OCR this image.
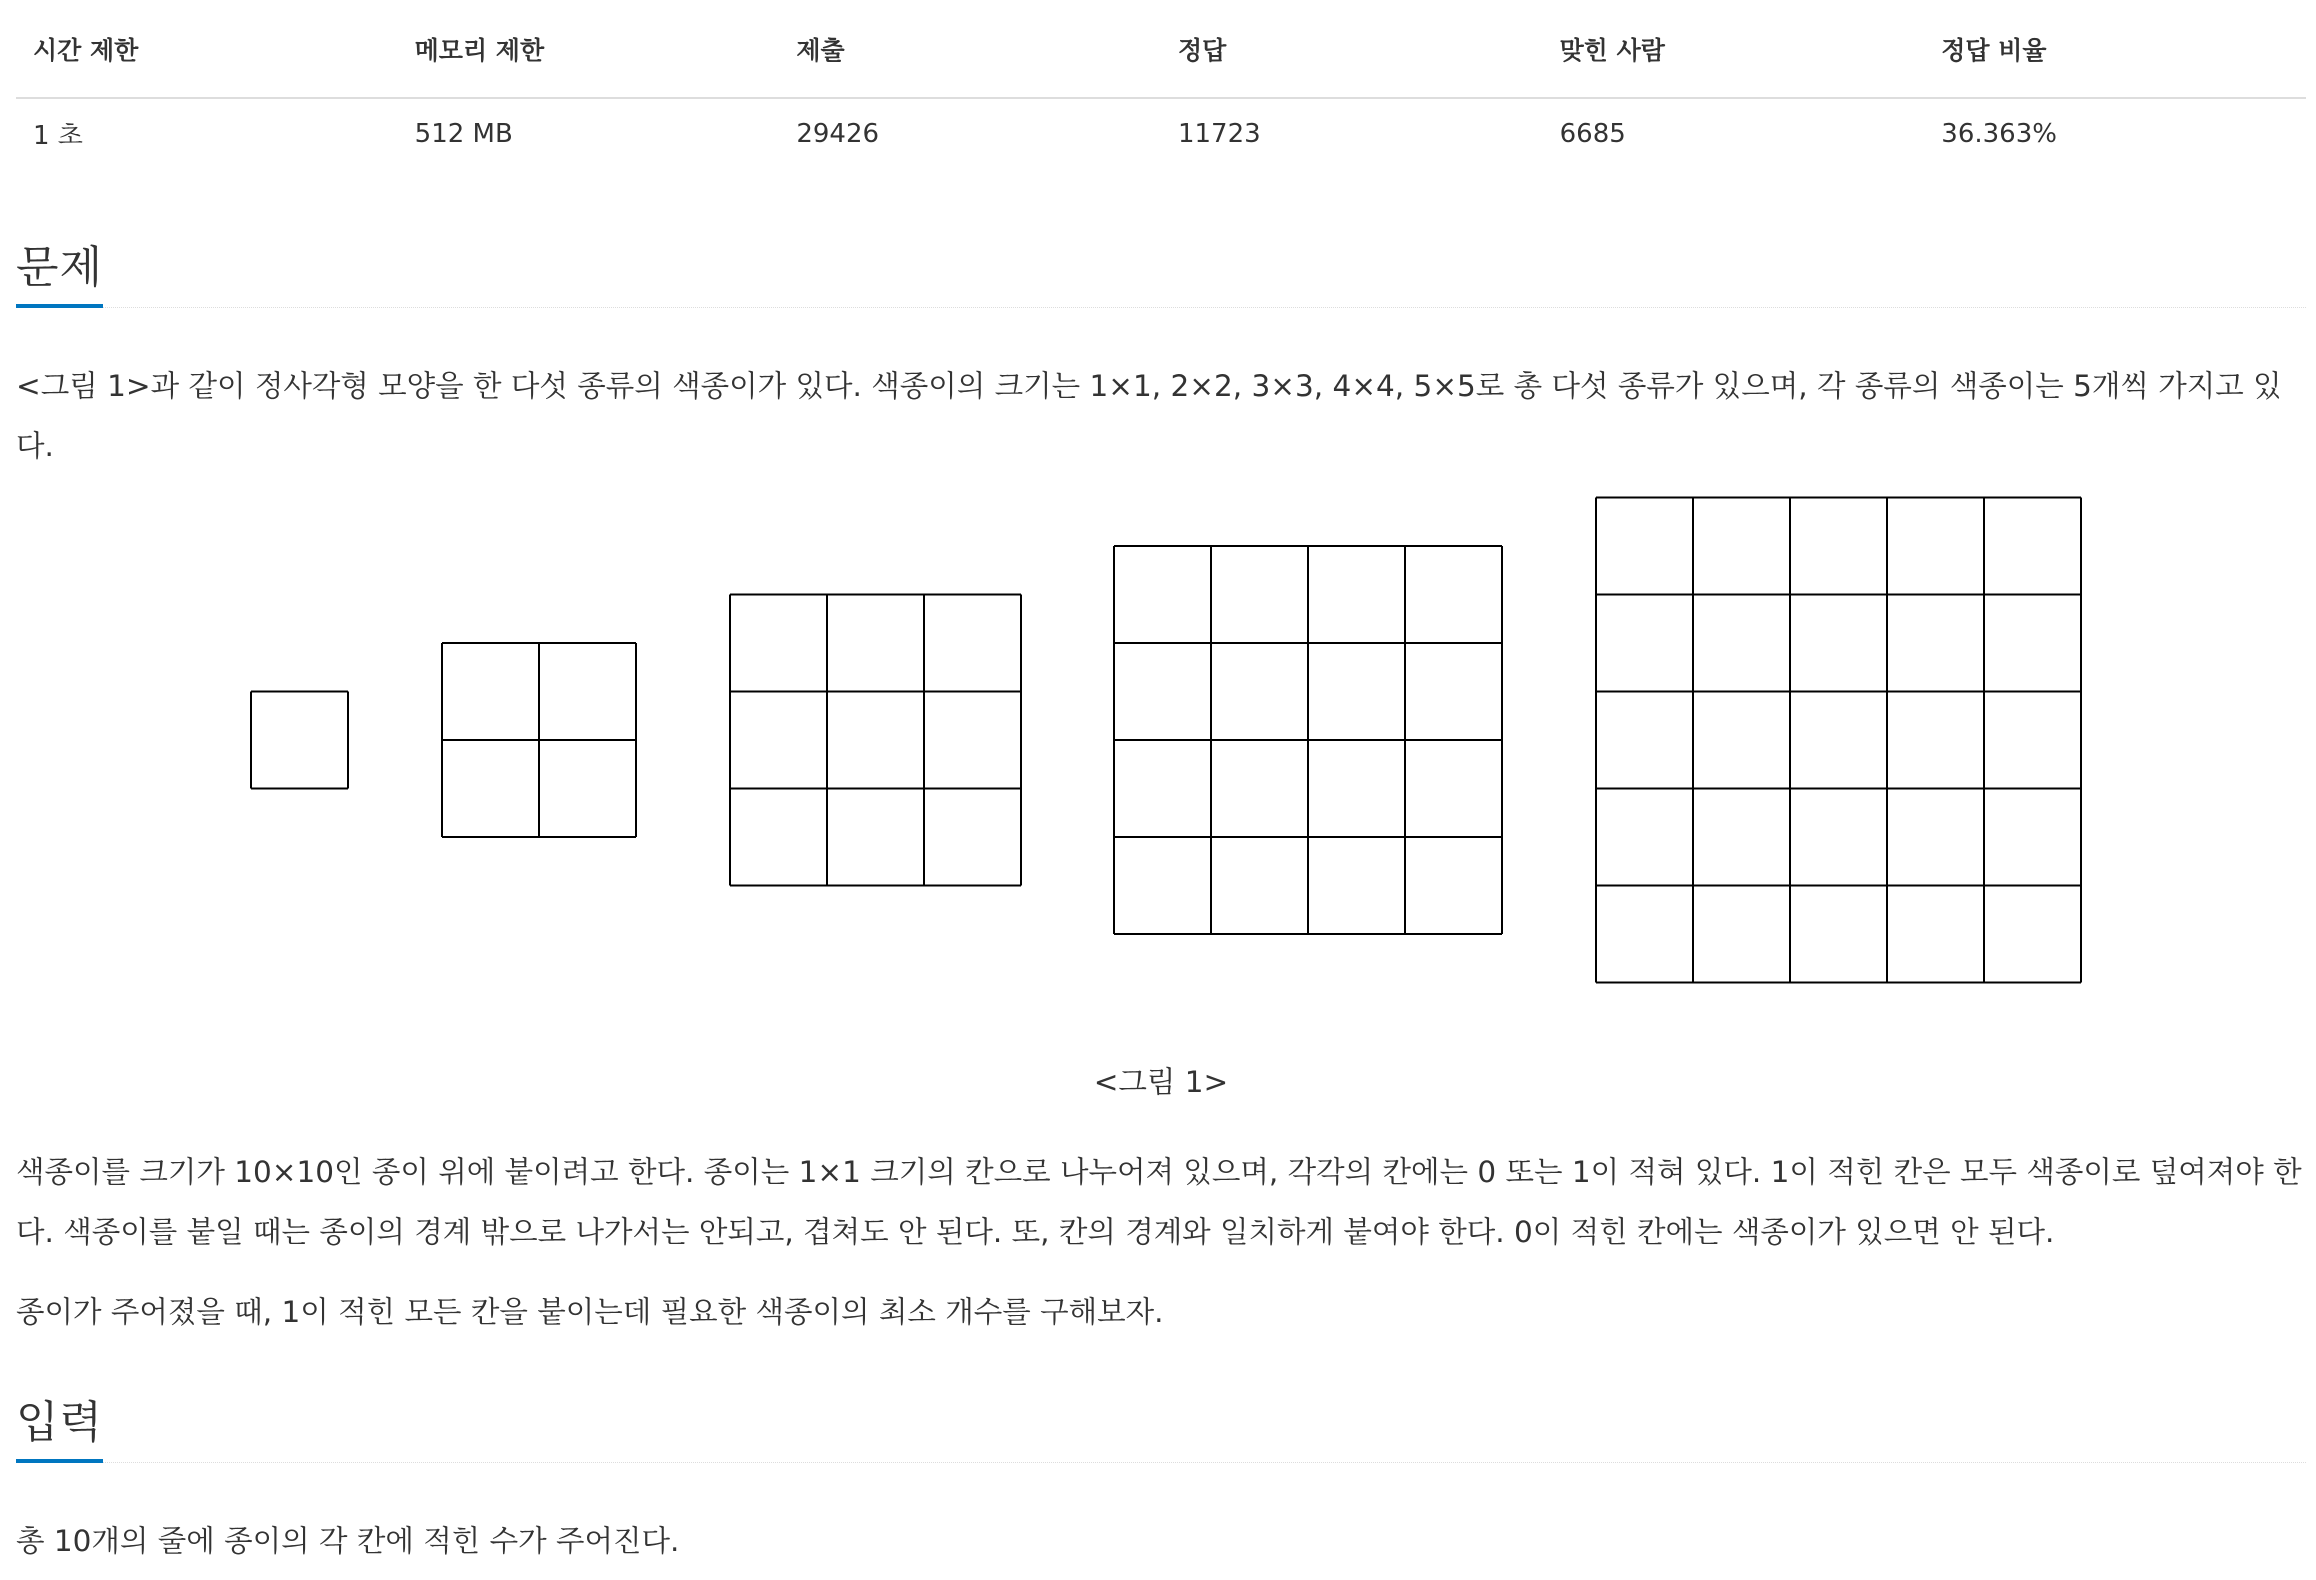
시간 제한	메모리 제한	제출	정답	맞힌 사람	정답 비율
1 초	512 MB	29426	11723	6685	36.363%
문제

<그림 1>과 같이 정사각형 모양을 한 다섯 종류의 색종이가 있다. 색종이의 크기는 1×1, 2×2, 3×3, 4×4, 5×5로 총 다섯 종류가 있으며, 각 종류의 색종이는 5개씩 가지고 있다.

<그림 1>

색종이를 크기가 10×10인 종이 위에 붙이려고 한다. 종이는 1×1 크기의 칸으로 나누어져 있으며, 각각의 칸에는 0 또는 1이 적혀 있다. 1이 적힌 칸은 모두 색종이로 덮여져야 한다. 색종이를 붙일 때는 종이의 경계 밖으로 나가서는 안되고, 겹쳐도 안 된다. 또, 칸의 경계와 일치하게 붙여야 한다. 0이 적힌 칸에는 색종이가 있으면 안 된다.

종이가 주어졌을 때, 1이 적힌 모든 칸을 붙이는데 필요한 색종이의 최소 개수를 구해보자.

입력

총 10개의 줄에 종이의 각 칸에 적힌 수가 주어진다.
